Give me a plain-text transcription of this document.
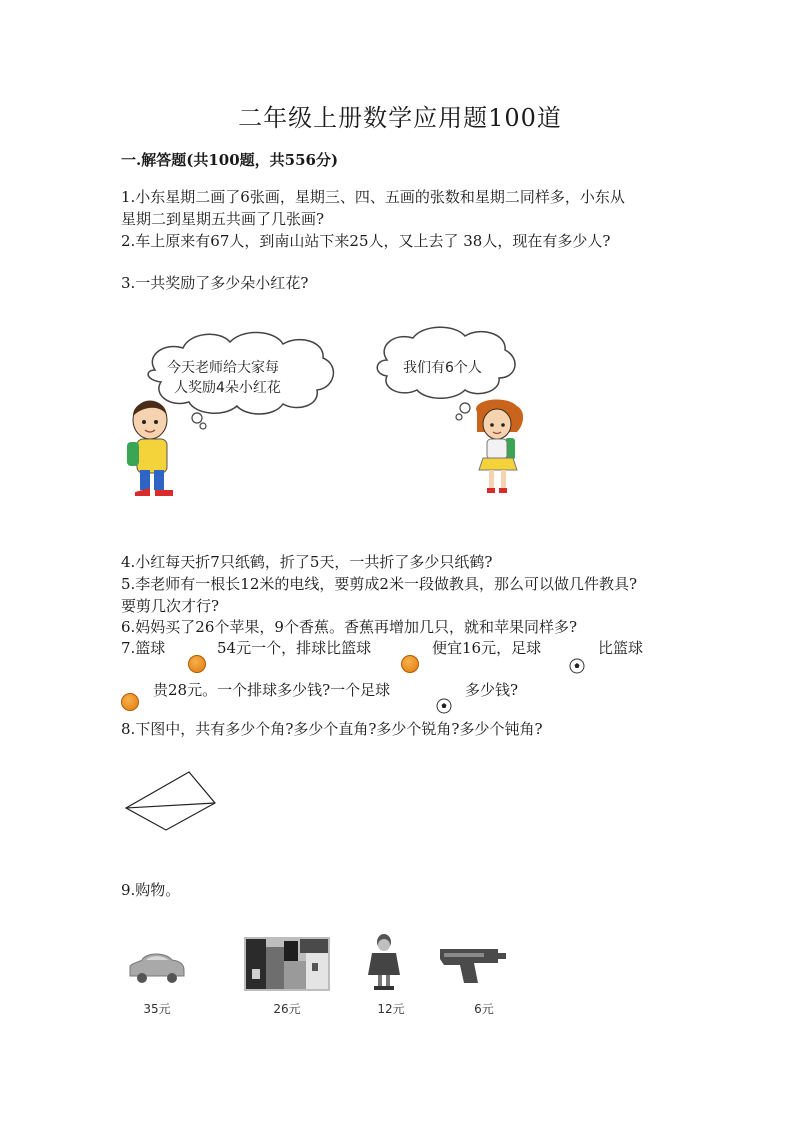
二年级上册数学应用题100道
一.解答题(共100题，共556分)
1.小东星期二画了6张画，星期三、四、五画的张数和星期二同样多，小东从
星期二到星期五共画了几张画?
2.车上原来有67人，到南山站下来25人，又上去了 38人，现在有多少人?
3.一共奖励了多少朵小红花?
今天老师给大家每
人奖励4朵小红花
我们有6个人
4.小红每天折7只纸鹤，折了5天，一共折了多少只纸鹤?
5.李老师有一根长12米的电线，要剪成2米一段做教具，那么可以做几件教具?
要剪几次才行?
6.妈妈买了26个苹果，9个香蕉。香蕉再增加几只，就和苹果同样多?
7.篮球	54元一个，排球比篮球	便宜16元，足球	比篮球
贵28元。一个排球多少钱?一个足球	多少钱?
8.下图中，共有多少个角?多少个直角?多少个锐角?多少个钝角?
9.购物。
35元	26元	12元	6元
